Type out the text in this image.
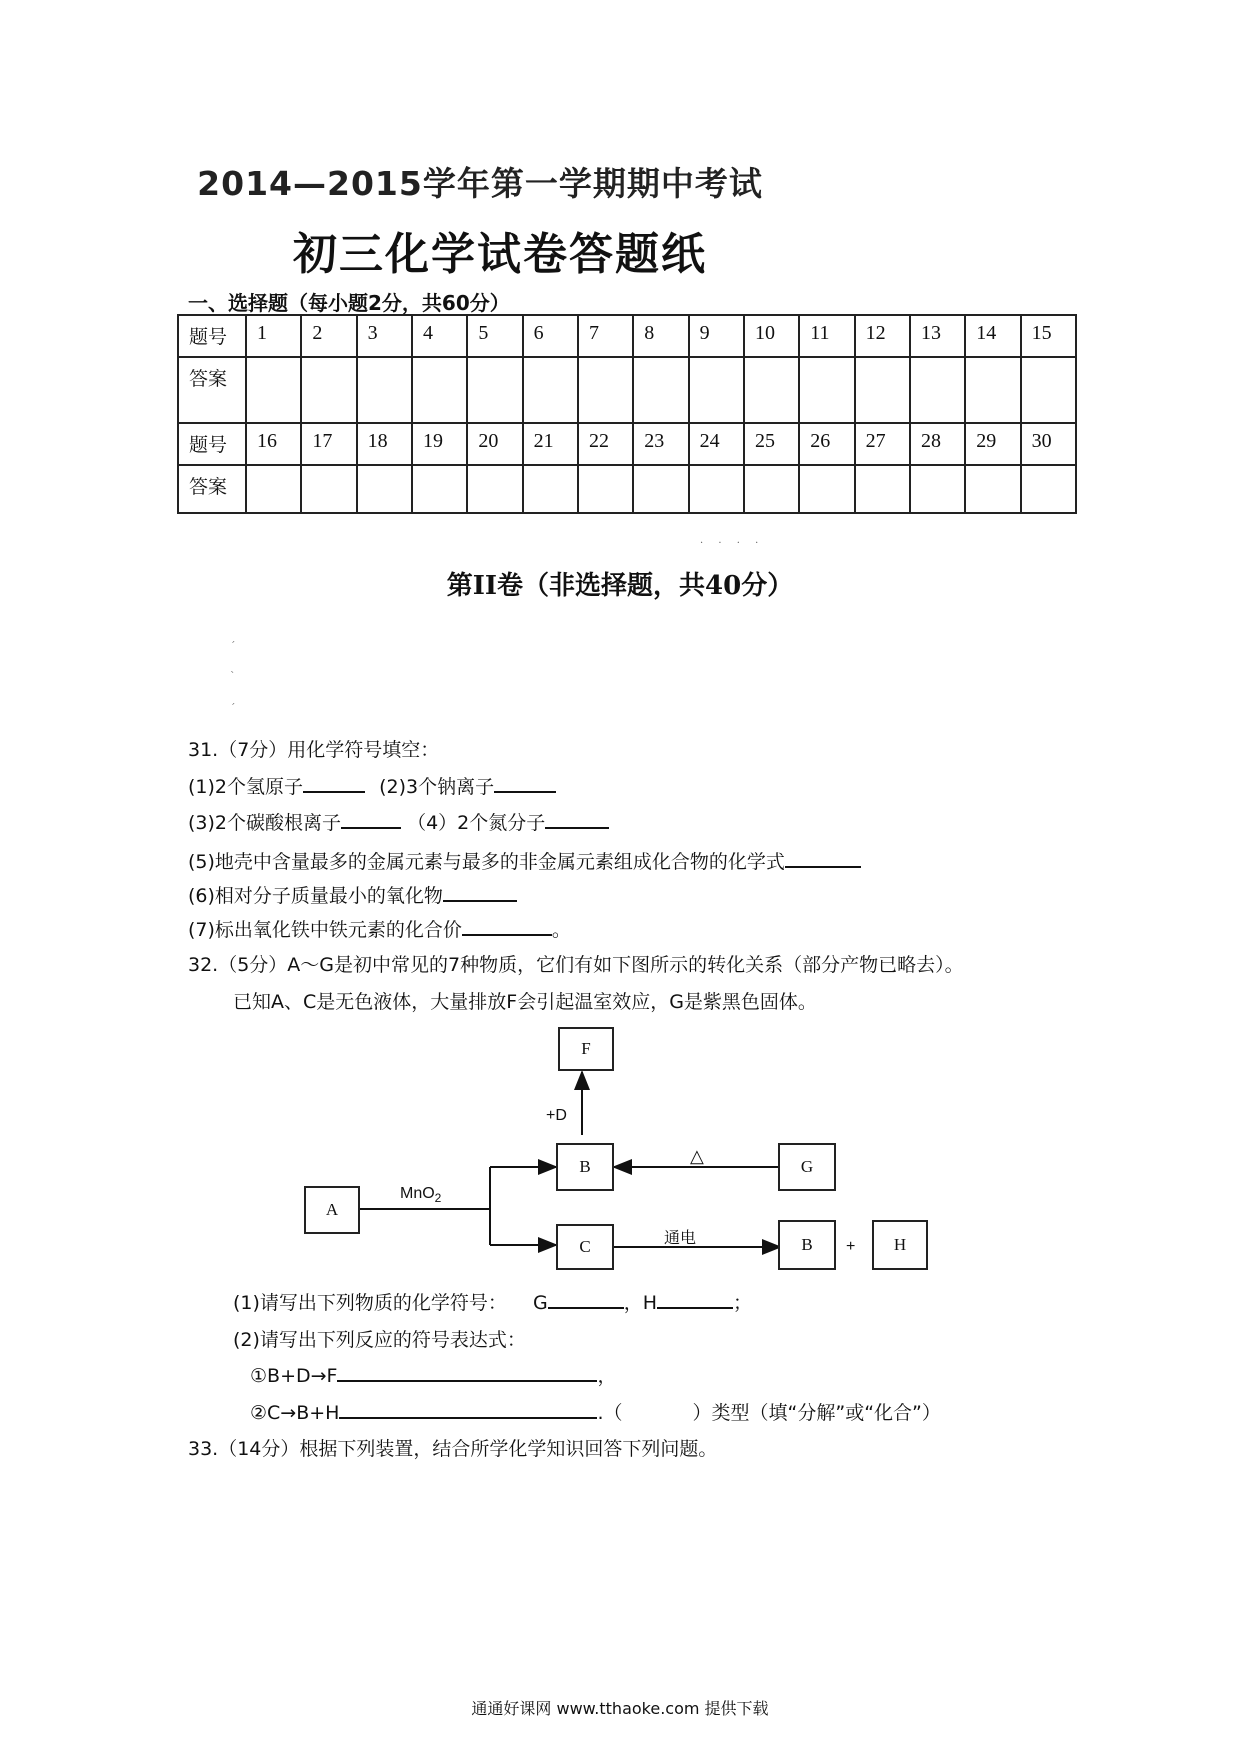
2014—2015学年第一学期期中考试
初三化学试卷答题纸
一、选择题（每小题2分，共60分）
题号	1	2	3	4	5	6	7	8	9	10	11	12	13	14	15
答案															
题号	16	17	18	19	20	21	22	23	24	25	26	27	28	29	30
答案															
· · · ·
第II卷（非选择题，共40分）
ˊ
ˋ
ˊ
31.（7分）用化学符号填空：
(1)2个氢原子	(2)3个钠离子
(3)2个碳酸根离子	（4）2个氮分子
(5)地壳中含量最多的金属元素与最多的非金属元素组成化合物的化学式
(6)相对分子质量最小的氧化物
(7)标出氧化铁中铁元素的化合价	。
32.（5分）A～G是初中常见的7种物质，它们有如下图所示的转化关系（部分产物已略去）。
已知A、C是无色液体，大量排放F会引起温室效应，G是紫黑色固体。
F
B	G
A
C	B	H
+D
MnO$_2$
△
通电	+
(1)请写出下列物质的化学符号： G	，H	；
(2)请写出下列反应的符号表达式：
①B+D→F	，
②C→B+H	.（	）类型（填“分解”或“化合”）
33.（14分）根据下列装置，结合所学化学知识回答下列问题。
通通好课网 www.tthaoke.com 提供下载
